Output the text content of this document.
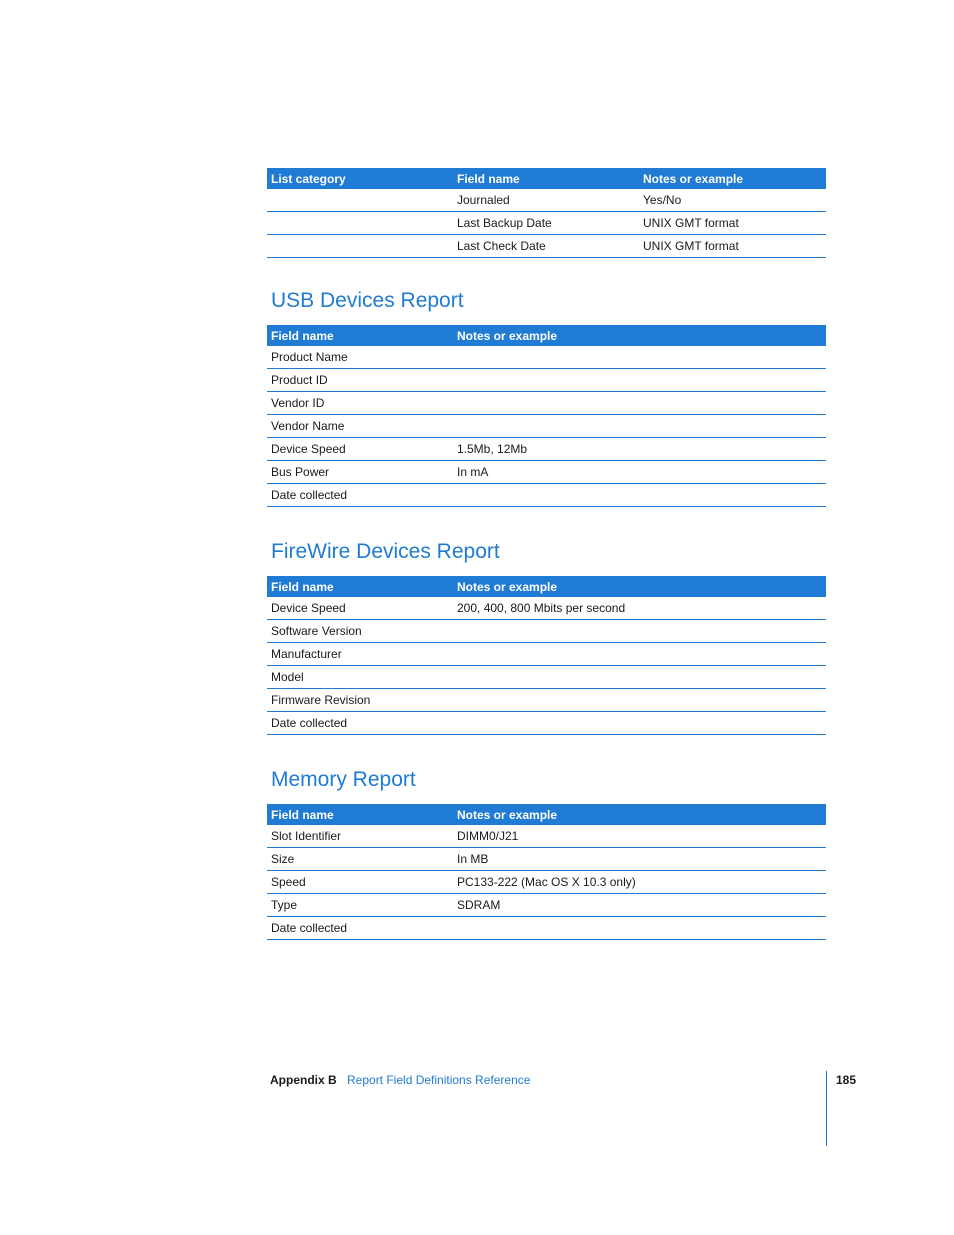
List category	Field name	Notes or example
	Journaled	Yes/No
	Last Backup Date	UNIX GMT format
	Last Check Date	UNIX GMT format
USB Devices Report
Field name	Notes or example
Product Name	
Product ID	
Vendor ID	
Vendor Name	
Device Speed	1.5Mb, 12Mb
Bus Power	In mA
Date collected	
FireWire Devices Report
Field name	Notes or example
Device Speed	200, 400, 800 Mbits per second
Software Version	
Manufacturer	
Model	
Firmware Revision	
Date collected	
Memory Report
Field name	Notes or example
Slot Identifier	DIMM0/J21
Size	In MB
Speed	PC133-222 (Mac OS X 10.3 only)
Type	SDRAM
Date collected	
Appendix B Report Field Definitions Reference	185
